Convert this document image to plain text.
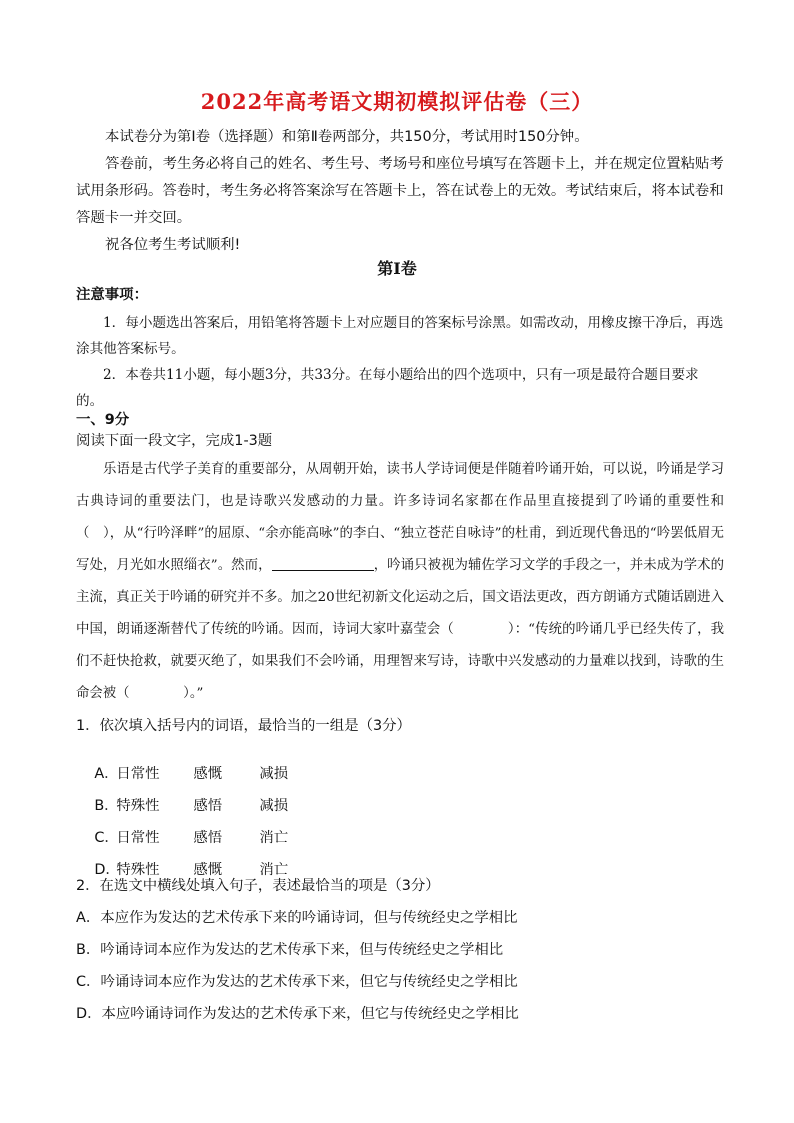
2022年高考语文期初模拟评估卷（三）

本试卷分为第Ⅰ卷（选择题）和第Ⅱ卷两部分，共150分，考试用时150分钟。

答卷前，考生务必将自己的姓名、考生号、考场号和座位号填写在答题卡上，并在规定位置粘贴考试用条形码。答卷时，考生务必将答案涂写在答题卡上，答在试卷上的无效。考试结束后，将本试卷和答题卡一并交回。

祝各位考生考试顺利!

第Ⅰ卷
注意事项：

1．每小题选出答案后，用铅笔将答题卡上对应题目的答案标号涂黑。如需改动，用橡皮擦干净后，再选涂其他答案标号。

2．本卷共11小题，每小题3分，共33分。在每小题给出的四个选项中，只有一项是最符合题目要求的。

一、9分
阅读下面一段文字，完成1-3题

乐语是古代学子美育的重要部分，从周朝开始，读书人学诗词便是伴随着吟诵开始，可以说，吟诵是学习古典诗词的重要法门，也是诗歌兴发感动的力量。许多诗词名家都在作品里直接提到了吟诵的重要性和（　），从“行吟泽畔”的屈原、“余亦能高咏”的李白、“独立苍茫自咏诗”的杜甫，到近现代鲁迅的“吟罢低眉无写处，月光如水照缁衣”。然而，	，吟诵只被视为辅佐学习文学的手段之一，并未成为学术的主流，真正关于吟诵的研究并不多。加之20世纪初新文化运动之后，国文语法更改，西方朗诵方式随话剧进入中国，朗诵逐渐替代了传统的吟诵。因而，诗词大家叶嘉莹会（　　　　）：“传统的吟诵几乎已经失传了，我们不赶快抢救，就要灭绝了，如果我们不会吟诵，用理智来写诗，诗歌中兴发感动的力量难以找到，诗歌的生命会被（　　　　）。”

1．依次填入括号内的词语，最恰当的一组是（3分）

A．日常性 感慨	减损

B．特殊性 感悟	减损

C．日常性 感悟	消亡

D．特殊性 感慨	消亡

2．在选文中横线处填入句子，表述最恰当的项是（3分）
A．本应作为发达的艺术传承下来的吟诵诗词，但与传统经史之学相比
B．吟诵诗词本应作为发达的艺术传承下来，但与传统经史之学相比
C．吟诵诗词本应作为发达的艺术传承下来，但它与传统经史之学相比
D．本应吟诵诗词作为发达的艺术传承下来，但它与传统经史之学相比
